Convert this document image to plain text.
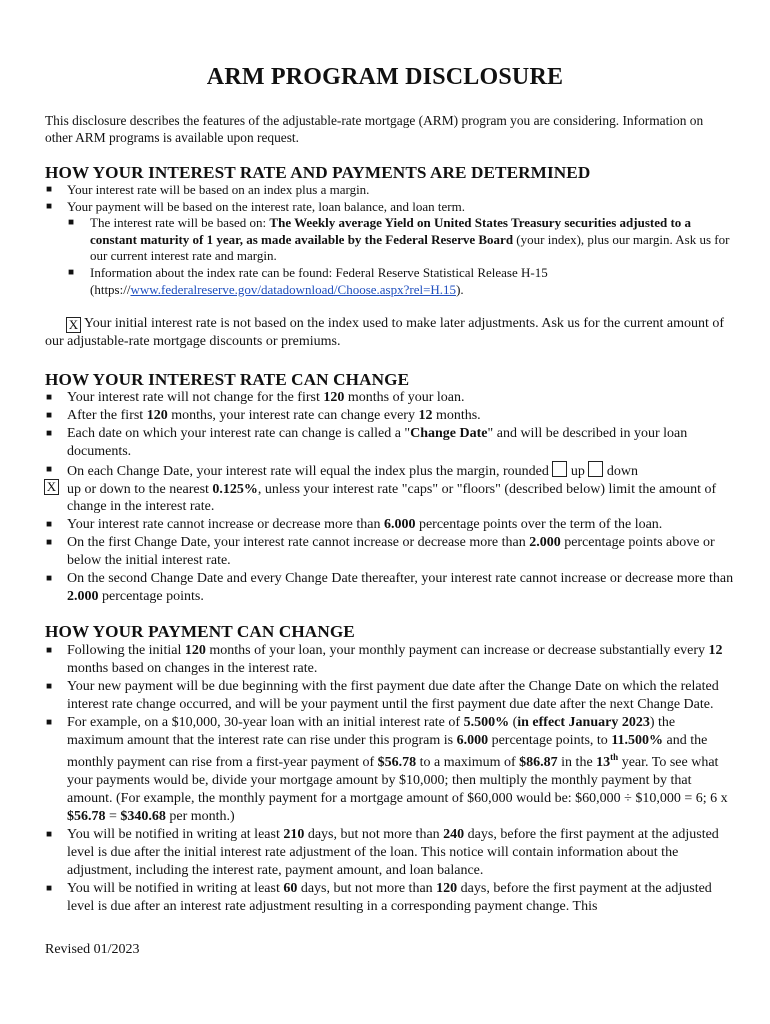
ARM PROGRAM DISCLOSURE
This disclosure describes the features of the adjustable-rate mortgage (ARM) program you are considering. Information on other ARM programs is available upon request.
HOW YOUR INTEREST RATE AND PAYMENTS ARE DETERMINED
■ Your interest rate will be based on an index plus a margin.
■ Your payment will be based on the interest rate, loan balance, and loan term.
■ The interest rate will be based on: The Weekly average Yield on United States Treasury securities adjusted to a constant maturity of 1 year, as made available by the Federal Reserve Board (your index), plus our margin. Ask us for our current interest rate and margin.
■ Information about the index rate can be found: Federal Reserve Statistical Release H-15 (https://www.federalreserve.gov/datadownload/Choose.aspx?rel=H.15).
X Your initial interest rate is not based on the index used to make later adjustments. Ask us for the current amount of our adjustable-rate mortgage discounts or premiums.
HOW YOUR INTEREST RATE CAN CHANGE
■ Your interest rate will not change for the first 120 months of your loan.
■ After the first 120 months, your interest rate can change every 12 months.
■ Each date on which your interest rate can change is called a "Change Date" and will be described in your loan documents.
■ On each Change Date, your interest rate will equal the index plus the margin, rounded up down
up or down to the nearest 0.125%, unless your interest rate "caps" or "floors" (described below) limit the amount of change in the interest rate.
■ Your interest rate cannot increase or decrease more than 6.000 percentage points over the term of the loan.
■ On the first Change Date, your interest rate cannot increase or decrease more than 2.000 percentage points above or below the initial interest rate.
■ On the second Change Date and every Change Date thereafter, your interest rate cannot increase or decrease more than 2.000 percentage points.
X
HOW YOUR PAYMENT CAN CHANGE
■ Following the initial 120 months of your loan, your monthly payment can increase or decrease substantially every 12 months based on changes in the interest rate.
■ Your new payment will be due beginning with the first payment due date after the Change Date on which the related interest rate change occurred, and will be your payment until the first payment due date after the next Change Date.
■ For example, on a $10,000, 30-year loan with an initial interest rate of 5.500% (in effect January 2023) the maximum amount that the interest rate can rise under this program is 6.000 percentage points, to 11.500% and the monthly payment can rise from a first-year payment of $56.78 to a maximum of $86.87 in the 13th year. To see what your payments would be, divide your mortgage amount by $10,000; then multiply the monthly payment by that amount. (For example, the monthly payment for a mortgage amount of $60,000 would be: $60,000 ÷ $10,000 = 6; 6 x $56.78 = $340.68 per month.)
■ You will be notified in writing at least 210 days, but not more than 240 days, before the first payment at the adjusted level is due after the initial interest rate adjustment of the loan. This notice will contain information about the adjustment, including the interest rate, payment amount, and loan balance.
■ You will be notified in writing at least 60 days, but not more than 120 days, before the first payment at the adjusted level is due after an interest rate adjustment resulting in a corresponding payment change. This
Revised 01/2023
